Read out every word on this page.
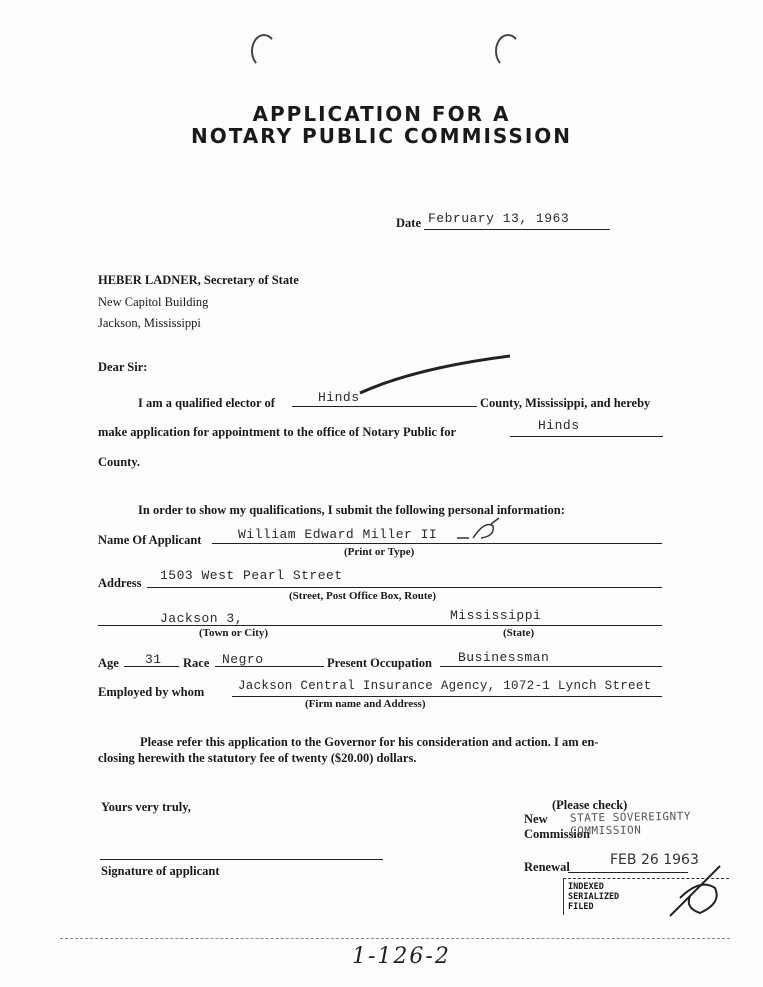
APPLICATION FOR A
NOTARY PUBLIC COMMISSION
Date February 13, 1963
HEBER LADNER, Secretary of State
New Capitol Building
Jackson, Mississippi
Dear Sir:
I am a qualified elector of	Hinds	County, Mississippi, and hereby
make application for appointment to the office of Notary Public for	Hinds
County.
In order to show my qualifications, I submit the following personal information:
Name Of Applicant	William Edward Miller II
(Print or Type)
Address 1503 West Pearl Street
(Street, Post Office Box, Route)
Jackson 3,	Mississippi
(Town or City)	(State)
Age 31 Race Negro	Present Occupation Businessman
Employed by whom	Jackson Central Insurance Agency, 1072-1 Lynch Street
(Firm name and Address)
Please refer this application to the Governor for his consideration and action. I am en-
closing herewith the statutory fee of twenty ($20.00) dollars.
Yours very truly,
Signature of applicant
(Please check)
New
Commission
STATE SOVEREIGNTY COMMISSION
Renewal	FEB 26 1963
INDEXED
SERIALIZED
FILED
1-126-2
